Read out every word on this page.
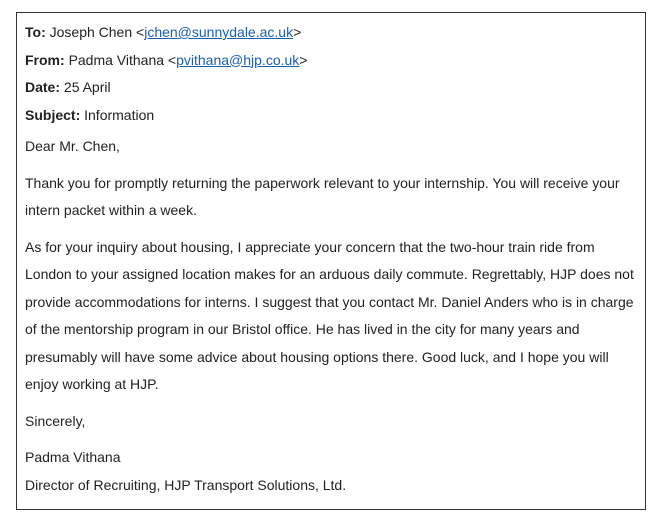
To: Joseph Chen <jchen@sunnydale.ac.uk>
From: Padma Vithana <pvithana@hjp.co.uk>
Date: 25 April
Subject: Information

Dear Mr. Chen,

Thank you for promptly returning the paperwork relevant to your internship. You will receive your intern packet within a week.

As for your inquiry about housing, I appreciate your concern that the two-hour train ride from London to your assigned location makes for an arduous daily commute. Regrettably, HJP does not provide accommodations for interns. I suggest that you contact Mr. Daniel Anders who is in charge of the mentorship program in our Bristol office. He has lived in the city for many years and presumably will have some advice about housing options there. Good luck, and I hope you will enjoy working at HJP.

Sincerely,

Padma Vithana

Director of Recruiting, HJP Transport Solutions, Ltd.
